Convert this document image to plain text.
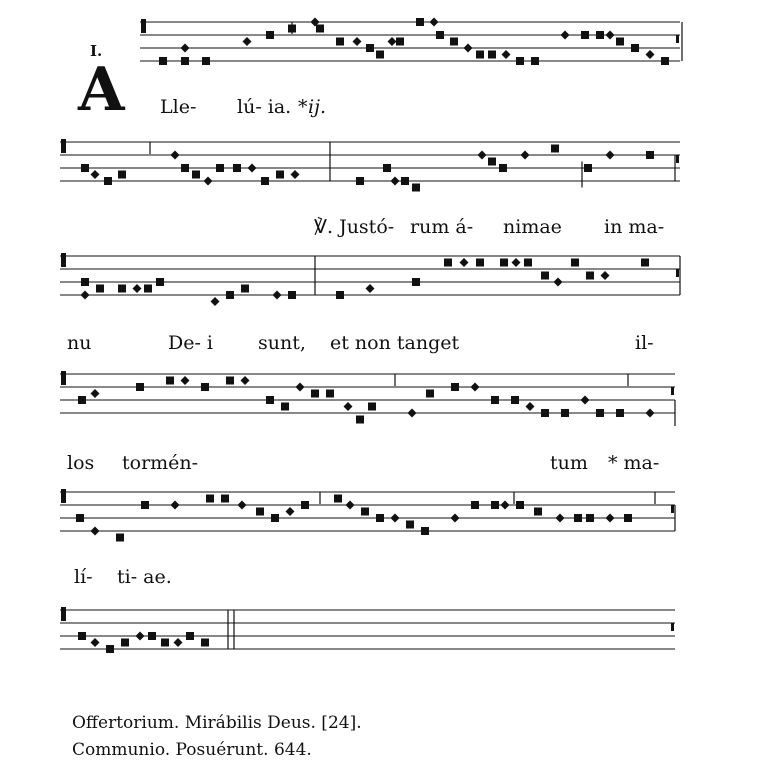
I.
A Lle- lú- ia. * ij.
℣. Justó- rum á- nimae in ma-
nu	De- i sunt, et non tanget	il-
los tormén-	tum * ma-
lí- ti- ae.
Offertorium. Mirábilis Deus. [24].
Communio. Posuérunt. 644.
